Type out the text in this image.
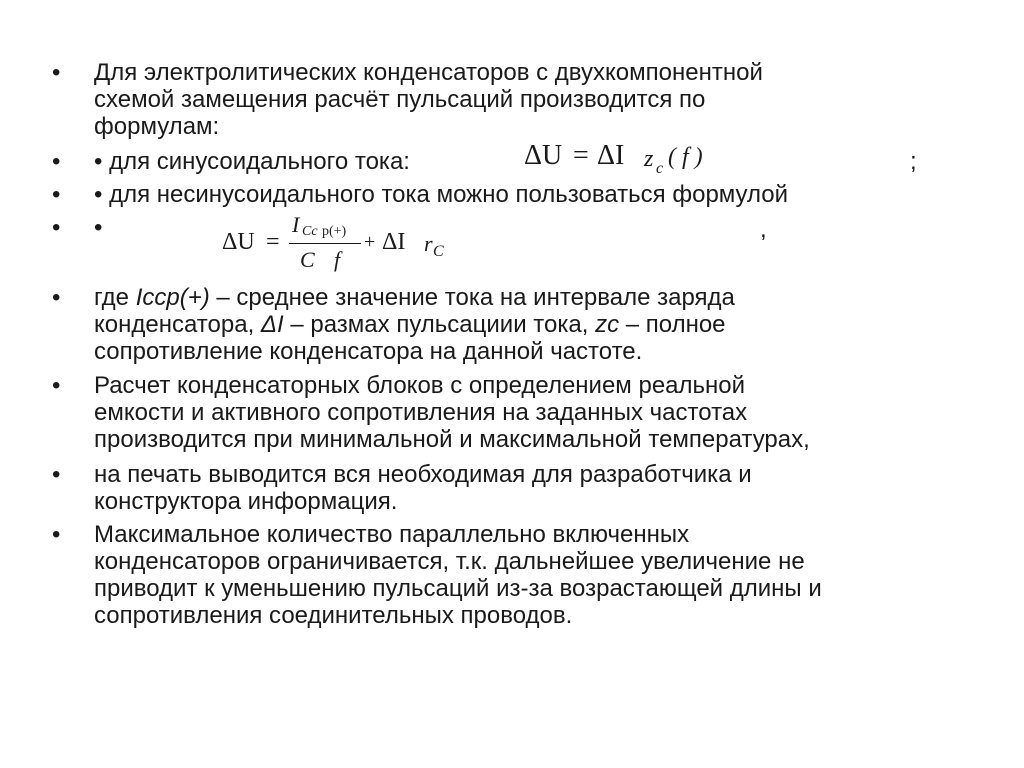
•	Для электролитических конденсаторов с двухкомпонентной
схемой замещения расчёт пульсаций производится по
формулам:
•	• для синусоидального тока:	;
ΔU = ΔI z c ( f )
•	• для несинусоидального тока можно пользоваться формулой
•	•	,
ΔU =
I Cc p(+)
C f
+ ΔI r C
•	где Iccp(+) – среднее значение тока на интервале заряда
конденсатора, ΔI – размах пульсациии тока, zc – полное
сопротивление конденсатора на данной частоте.
•	Расчет конденсаторных блоков с определением реальной
емкости и активного сопротивления на заданных частотах
производится при минимальной и максимальной температурах,
•	на печать выводится вся необходимая для разработчика и
конструктора информация.
•	Максимальное количество параллельно включенных
конденсаторов ограничивается, т.к. дальнейшее увеличение не
приводит к уменьшению пульсаций из-за возрастающей длины и
сопротивления соединительных проводов.
